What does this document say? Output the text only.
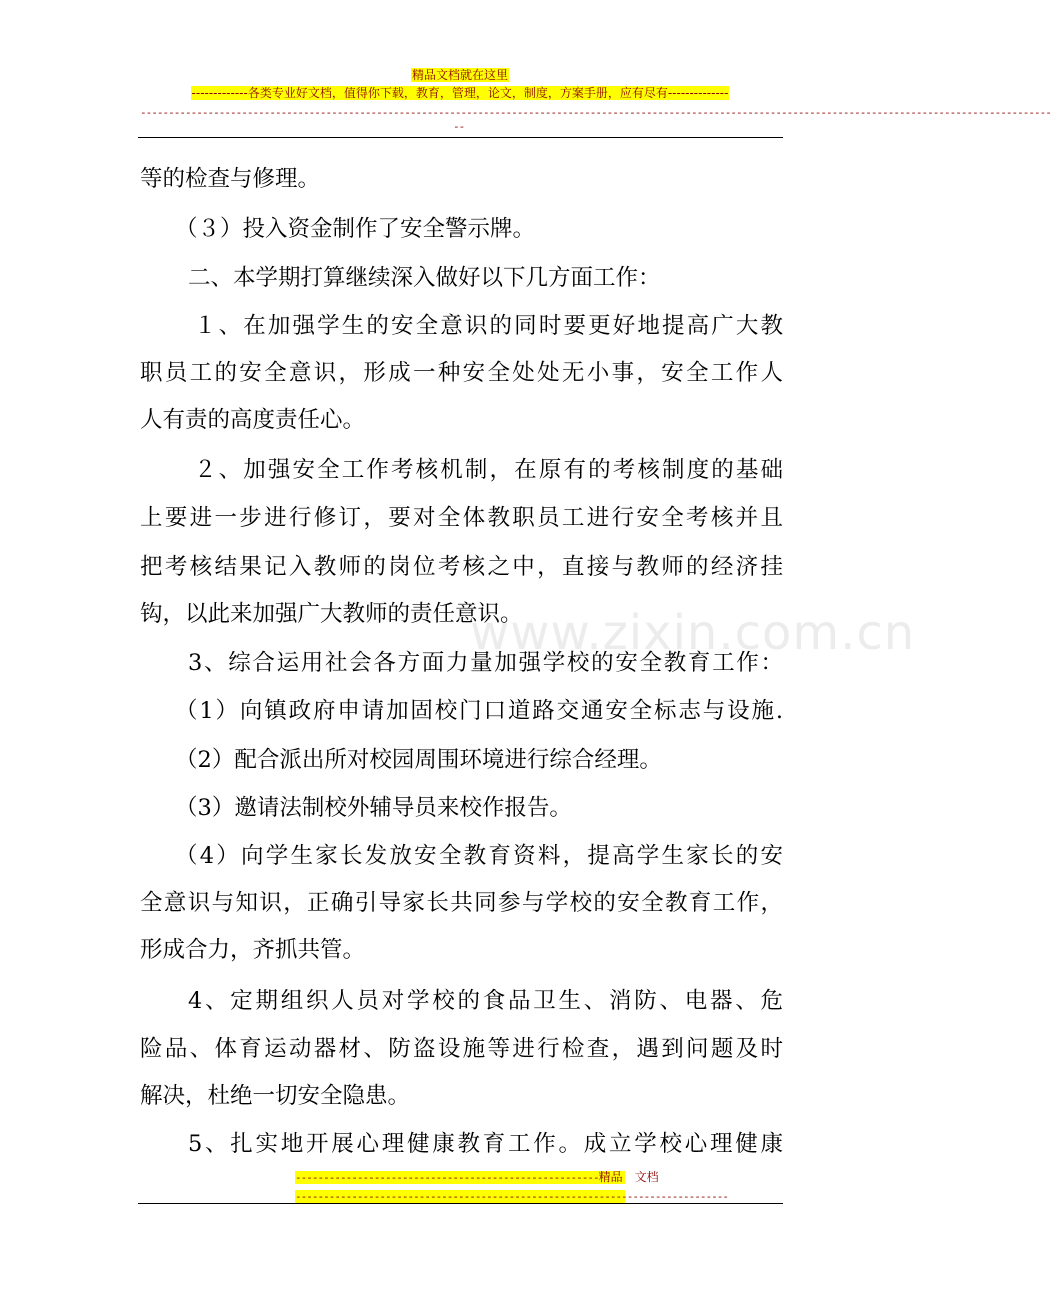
精品文档就在这里
-------------各类专业好文档，值得你下载，教育，管理，论文，制度，方案手册，应有尽有--------------
------------------------------------------------------------------------------------------------------------------------------------------------------------------
--
www.zixin.com.cn
等的检查与修理。
（３）投入资金制作了安全警示牌。
二、本学期打算继续深入做好以下几方面工作：
１、在加强学生的安全意识的同时要更好地提高广大教
职员工的安全意识，形成一种安全处处无小事，安全工作人
人有责的高度责任心。
２、加强安全工作考核机制，在原有的考核制度的基础
上要进一步进行修订，要对全体教职员工进行安全考核并且
把考核结果记入教师的岗位考核之中，直接与教师的经济挂
钩，以此来加强广大教师的责任意识。
3、综合运用社会各方面力量加强学校的安全教育工作：
（1）向镇政府申请加固校门口道路交通安全标志与设施.
（2）配合派出所对校园周围环境进行综合经理。
（3）邀请法制校外辅导员来校作报告。
（4）向学生家长发放安全教育资料，提高学生家长的安
全意识与知识，正确引导家长共同参与学校的安全教育工作，
形成合力，齐抓共管。
4、定期组织人员对学校的食品卫生、消防、电器、危
险品、体育运动器材、防盗设施等进行检查，遇到问题及时
解决，杜绝一切安全隐患。
5、扎实地开展心理健康教育工作。成立学校心理健康
------------------------------------------------------精品　文档
-----------------------------------------------------------------------------
